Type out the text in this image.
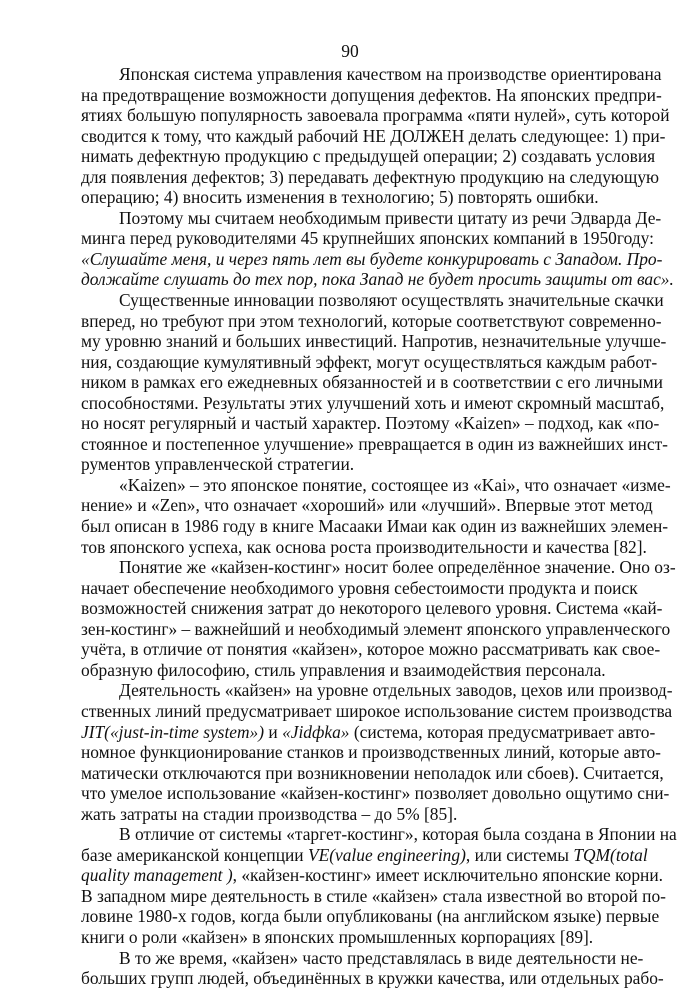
90
Японская система управления качеством на производстве ориентирована
на предотвращение возможности допущения дефектов. На японских предпри-
ятиях большую популярность завоевала программа «пяти нулей», суть которой
сводится к тому, что каждый рабочий НЕ ДОЛЖЕН делать следующее: 1) при-
нимать дефектную продукцию с предыдущей операции; 2) создавать условия
для появления дефектов; 3) передавать дефектную продукцию на следующую
операцию; 4) вносить изменения в технологию; 5) повторять ошибки.
Поэтому мы считаем необходимым привести цитату из речи Эдварда Де-
минга перед руководителями 45 крупнейших японских компаний в 1950году:
«Слушайте меня, и через пять лет вы будете конкурировать с Западом. Про-
должайте слушать до тех пор, пока Запад не будет просить защиты от вас».
Существенные инновации позволяют осуществлять значительные скачки
вперед, но требуют при этом технологий, которые соответствуют современно-
му уровню знаний и больших инвестиций. Напротив, незначительные улучше-
ния, создающие кумулятивный эффект, могут осуществляться каждым работ-
ником в рамках его ежедневных обязанностей и в соответствии с его личными
способностями. Результаты этих улучшений хоть и имеют скромный масштаб,
но носят регулярный и частый характер. Поэтому «Kaizen» – подход, как «по-
стоянное и постепенное улучшение» превращается в один из важнейших инст-
рументов управленческой стратегии.
«Kaizen» – это японское понятие, состоящее из «Kai», что означает «изме-
нение» и «Zen», что означает «хороший» или «лучший». Впервые этот метод
был описан в 1986 году в книге Масааки Имаи как один из важнейших элемен-
тов японского успеха, как основа роста производительности и качества [82].
Понятие же «кайзен-костинг» носит более определённое значение. Оно оз-
начает обеспечение необходимого уровня себестоимости продукта и поиск
возможностей снижения затрат до некоторого целевого уровня. Система «кай-
зен-костинг» – важнейший и необходимый элемент японского управленческого
учёта, в отличие от понятия «кайзен», которое можно рассматривать как свое-
образную философию, стиль управления и взаимодействия персонала.
Деятельность «кайзен» на уровне отдельных заводов, цехов или производ-
ственных линий предусматривает широкое использование систем производства
JIT(«just-in-time system») и «Jidфka» (система, которая предусматривает авто-
номное функционирование станков и производственных линий, которые авто-
матически отключаются при возникновении неполадок или сбоев). Считается,
что умелое использование «кайзен-костинг» позволяет довольно ощутимо сни-
жать затраты на стадии производства – до 5% [85].
В отличие от системы «таргет-костинг», которая была создана в Японии на
базе американской концепции VE(value engineering), или системы TQM(total
quality management ), «кайзен-костинг» имеет исключительно японские корни.
В западном мире деятельность в стиле «кайзен» стала известной во второй по-
ловине 1980-х годов, когда были опубликованы (на английском языке) первые
книги о роли «кайзен» в японских промышленных корпорациях [89].
В то же время, «кайзен» часто представлялась в виде деятельности не-
больших групп людей, объединённых в кружки качества, или отдельных рабо-
